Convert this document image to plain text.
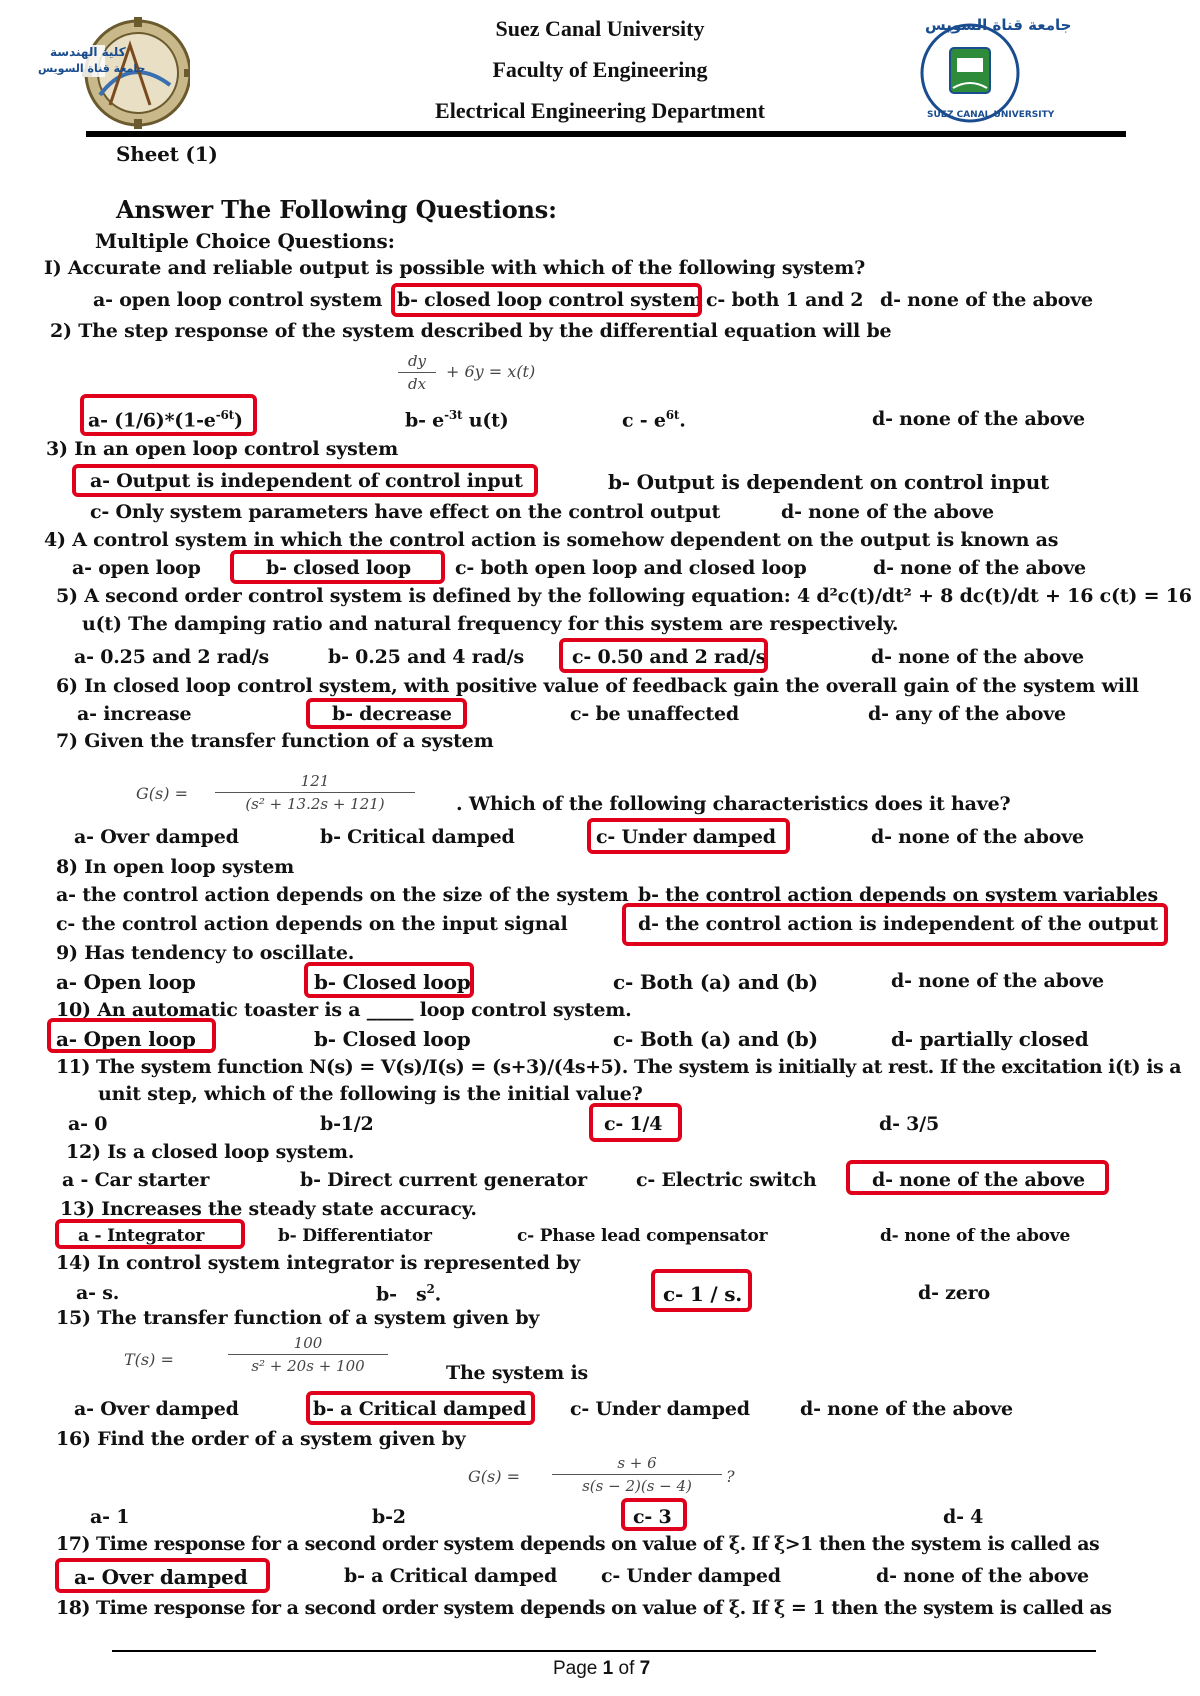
كلية الهندسة
جامعة قناة السويس
جامعة قناة السويس
SUEZ CANAL UNIVERSITY
Suez Canal University
Faculty of Engineering
Electrical Engineering Department
Sheet (1)
Answer The Following Questions:
Multiple Choice Questions:
I) Accurate and reliable output is possible with which of the following system?
a- open loop control system b- closed loop control system c- both 1 and 2 d- none of the above
2) The step response of the system described by the differential equation will be
dy
dx
+ 6y = x(t)
a- $(1/6)*(1-e^{-6t})$	b- $e^{-3t}$ u(t)	c - $e^{6t}$.	d- none of the above
3) In an open loop control system
a- Output is independent of control input	b- Output is dependent on control input
c- Only system parameters have effect on the control output	d- none of the above
4) A control system in which the control action is somehow dependent on the output is known as
a- open loop	b- closed loop c- both open loop and closed loop	d- none of the above
5) A second order control system is defined by the following equation: 4 d²c(t)/dt² + 8 dc(t)/dt + 16 c(t) = 16
u(t) The damping ratio and natural frequency for this system are respectively.
a- 0.25 and 2 rad/s	b- 0.25 and 4 rad/s	c- 0.50 and 2 rad/s	d- none of the above
6) In closed loop control system, with positive value of feedback gain the overall gain of the system will
a- increase	b- decrease	c- be unaffected	d- any of the above
7) Given the transfer function of a system
G(s) =
121
(s² + 13.2s + 121)	. Which of the following characteristics does it have?
a- Over damped	b- Critical damped	c- Under damped	d- none of the above
8) In open loop system
a- the control action depends on the size of the system b- the control action depends on system variables
c- the control action depends on the input signal	d- the control action is independent of the output
9) Has tendency to oscillate.
a- Open loop	b- Closed loop	c- Both (a) and (b)	d- none of the above
10) An automatic toaster is a _____ loop control system.
a- Open loop	b- Closed loop	c- Both (a) and (b)	d- partially closed
11) The system function N(s) = V(s)/I(s) = (s+3)/(4s+5). The system is initially at rest. If the excitation i(t) is a
unit step, which of the following is the initial value?
a- 0	b-1/2	c- 1/4	d- 3/5
12) Is a closed loop system.
a - Car starter	b- Direct current generator	c- Electric switch	d- none of the above
13) Increases the steady state accuracy.
a - Integrator	b- Differentiator	c- Phase lead compensator	d- none of the above
14) In control system integrator is represented by
a- s.	b-   $s^2$.	c- 1 / s.	d- zero
15) The transfer function of a system given by
T(s) =
100
s² + 20s + 100	The system is
a- Over damped	b- a Critical damped c- Under damped	d- none of the above
16) Find the order of a system given by
G(s) =
s + 6
s(s − 2)(s − 4)	?
a- 1	b-2	c- 3	d- 4
17) Time response for a second order system depends on value of ξ. If ξ>1 then the system is called as
a- Over damped	b- a Critical damped c- Under damped	d- none of the above
18) Time response for a second order system depends on value of ξ. If ξ = 1 then the system is called as
Page 1 of 7
